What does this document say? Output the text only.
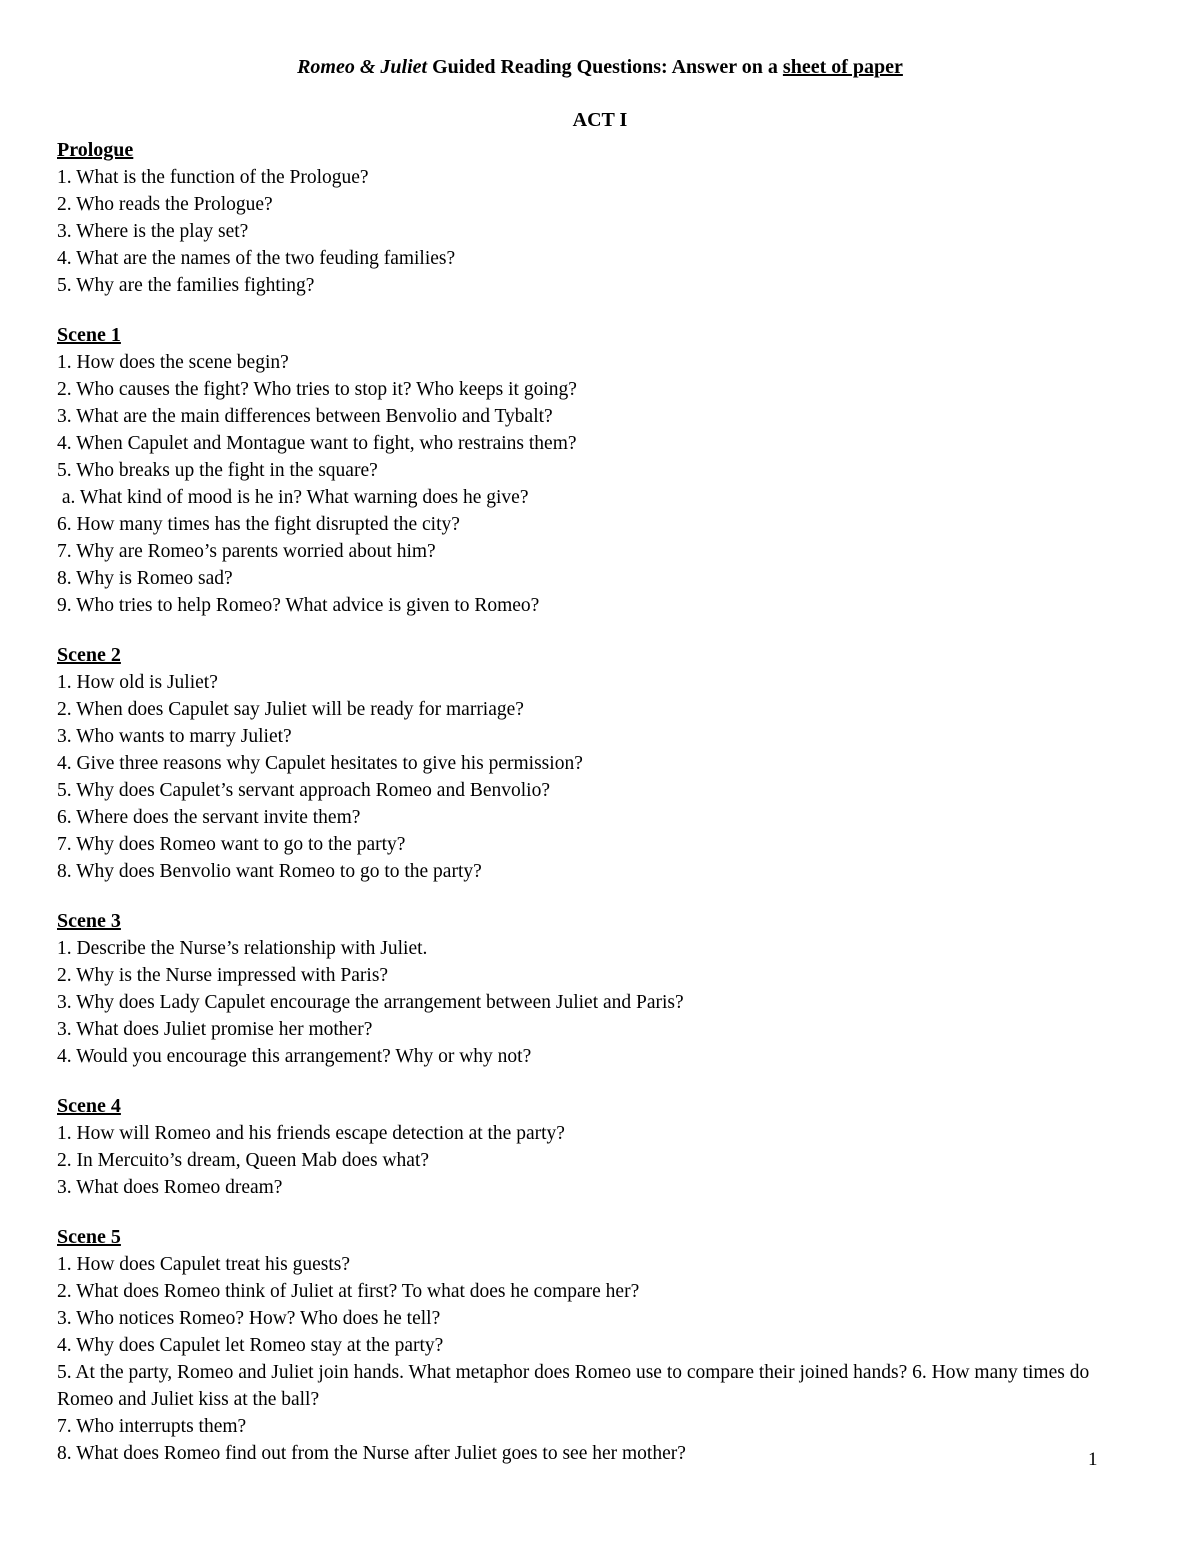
Romeo & Juliet Guided Reading Questions: Answer on a sheet of paper
ACT I
Prologue
1. What is the function of the Prologue?
2. Who reads the Prologue?
3. Where is the play set?
4. What are the names of the two feuding families?
5. Why are the families fighting?
Scene 1
1. How does the scene begin?
2. Who causes the fight? Who tries to stop it? Who keeps it going?
3. What are the main differences between Benvolio and Tybalt?
4. When Capulet and Montague want to fight, who restrains them?
5. Who breaks up the fight in the square?
a. What kind of mood is he in? What warning does he give?
6. How many times has the fight disrupted the city?
7. Why are Romeo’s parents worried about him?
8. Why is Romeo sad?
9. Who tries to help Romeo? What advice is given to Romeo?
Scene 2
1. How old is Juliet?
2. When does Capulet say Juliet will be ready for marriage?
3. Who wants to marry Juliet?
4. Give three reasons why Capulet hesitates to give his permission?
5. Why does Capulet’s servant approach Romeo and Benvolio?
6. Where does the servant invite them?
7. Why does Romeo want to go to the party?
8. Why does Benvolio want Romeo to go to the party?
Scene 3
1. Describe the Nurse’s relationship with Juliet.
2. Why is the Nurse impressed with Paris?
3. Why does Lady Capulet encourage the arrangement between Juliet and Paris?
3. What does Juliet promise her mother?
4. Would you encourage this arrangement? Why or why not?
Scene 4
1. How will Romeo and his friends escape detection at the party?
2. In Mercuito’s dream, Queen Mab does what?
3. What does Romeo dream?
Scene 5
1. How does Capulet treat his guests?
2. What does Romeo think of Juliet at first? To what does he compare her?
3. Who notices Romeo? How? Who does he tell?
4. Why does Capulet let Romeo stay at the party?
5. At the party, Romeo and Juliet join hands. What metaphor does Romeo use to compare their joined hands? 6. How many times do Romeo and Juliet kiss at the ball?
7. Who interrupts them?
8. What does Romeo find out from the Nurse after Juliet goes to see her mother?	1
